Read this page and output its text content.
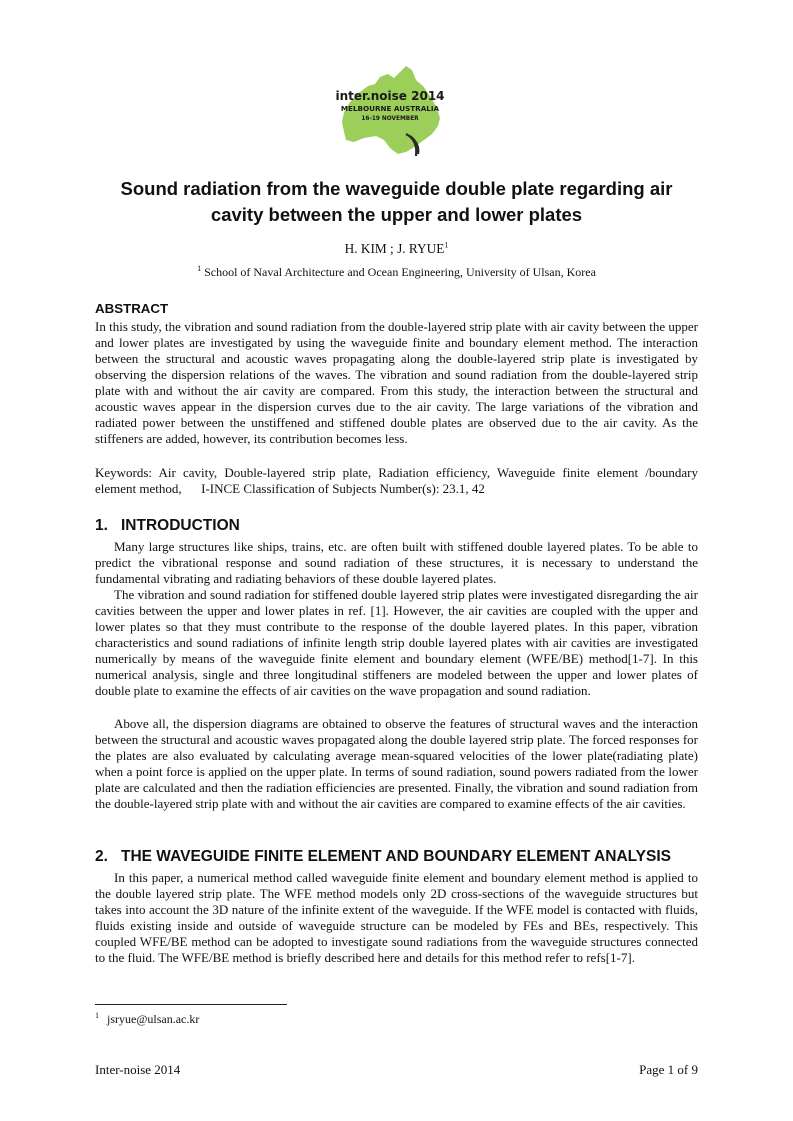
inter.noise 2014
MELBOURNE AUSTRALIA
16-19 NOVEMBER
Sound radiation from the waveguide double plate regarding air
cavity between the upper and lower plates
H. KIM ; J. RYUE$^1$
$^1$ School of Naval Architecture and Ocean Engineering, University of Ulsan, Korea
ABSTRACT

In this study, the vibration and sound radiation from the double-layered strip plate with air cavity between the upper and lower plates are investigated by using the waveguide finite and boundary element method. The interaction between the structural and acoustic waves propagating along the double-layered strip plate is investigated by observing the dispersion relations of the waves. The vibration and sound radiation from the double-layered strip plate with and without the air cavity are compared. From this study, the interaction between the structural and acoustic waves appear in the dispersion curves due to the air cavity. The large variations of the vibration and radiated power between the unstiffened and stiffened double plates are observed due to the air cavity. As the stiffeners are added, however, its contribution becomes less.

Keywords: Air cavity, Double-layered strip plate, Radiation efficiency, Waveguide finite element /boundary element method, I-INCE Classification of Subjects Number(s): 23.1, 42

1. INTRODUCTION

Many large structures like ships, trains, etc. are often built with stiffened double layered plates. To be able to predict the vibrational response and sound radiation of these structures, it is necessary to understand the fundamental vibrating and radiating behaviors of these double layered plates.

The vibration and sound radiation for stiffened double layered strip plates were investigated disregarding the air cavities between the upper and lower plates in ref. [1]. However, the air cavities are coupled with the upper and lower plates so that they must contribute to the response of the double layered plates. In this paper, vibration characteristics and sound radiations of infinite length strip double layered plates with air cavities are investigated numerically by means of the waveguide finite element and boundary element (WFE/BE) method[1-7]. In this numerical analysis, single and three longitudinal stiffeners are modeled between the upper and lower plates of double plate to examine the effects of air cavities on the wave propagation and sound radiation.

Above all, the dispersion diagrams are obtained to observe the features of structural waves and the interaction between the structural and acoustic waves propagated along the double layered strip plate. The forced responses for the plates are also evaluated by calculating average mean-squared velocities of the lower plate(radiating plate) when a point force is applied on the upper plate. In terms of sound radiation, sound powers radiated from the lower plate are calculated and then the radiation efficiencies are presented. Finally, the vibration and sound radiation from the double-layered strip plate with and without the air cavities are compared to examine effects of the air cavities.

2. THE WAVEGUIDE FINITE ELEMENT AND BOUNDARY ELEMENT ANALYSIS

In this paper, a numerical method called waveguide finite element and boundary element method is applied to the double layered strip plate. The WFE method models only 2D cross-sections of the waveguide structures but takes into account the 3D nature of the infinite extent of the waveguide. If the WFE model is contacted with fluids, fluids existing inside and outside of waveguide structure can be modeled by FEs and BEs, respectively. This coupled WFE/BE method can be adopted to investigate sound radiations from the waveguide structures connected to the fluid. The WFE/BE method is briefly described here and details for this method refer to refs[1-7].

$^1$ jsryue@ulsan.ac.kr
Inter-noise 2014	Page 1 of 9
